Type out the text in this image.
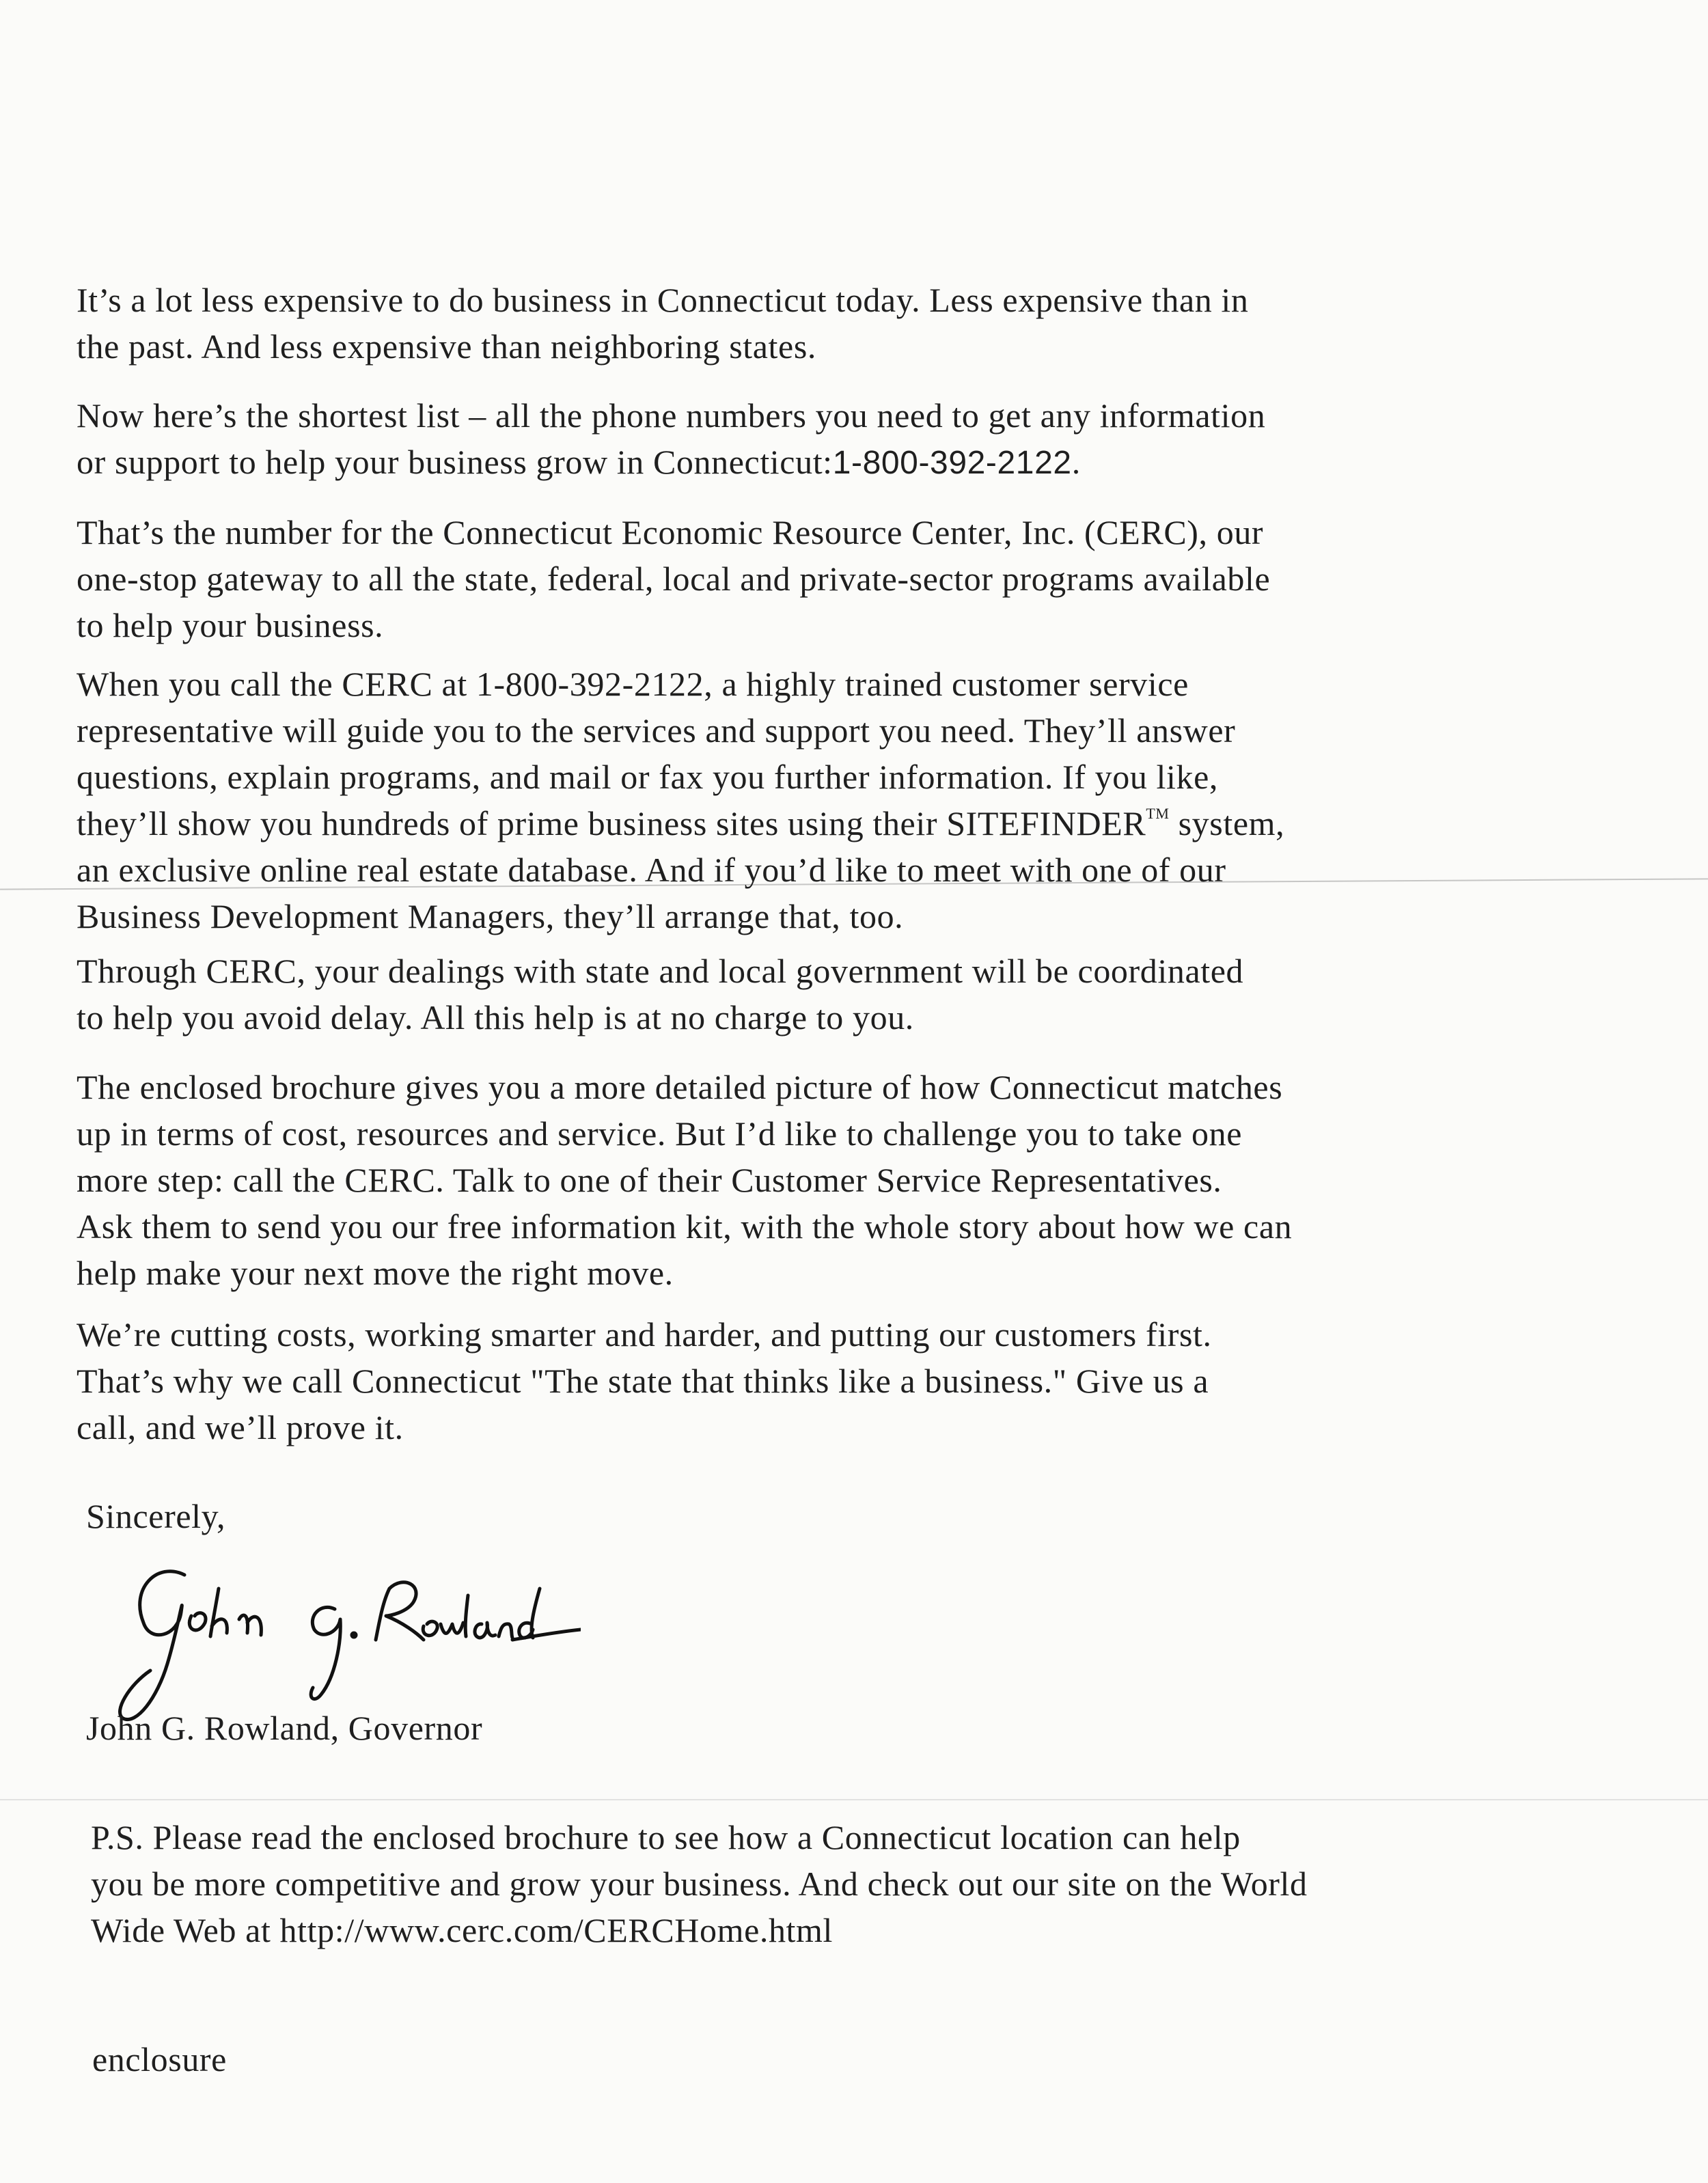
It’s a lot less expensive to do business in Connecticut today. Less expensive than in
the past. And less expensive than neighboring states.
Now here’s the shortest list – all the phone numbers you need to get any information
or support to help your business grow in Connecticut:1-800-392-2122.
That’s the number for the Connecticut Economic Resource Center, Inc. (CERC), our
one-stop gateway to all the state, federal, local and private-sector programs available
to help your business.
When you call the CERC at 1-800-392-2122, a highly trained customer service
representative will guide you to the services and support you need. They’ll answer
questions, explain programs, and mail or fax you further information. If you like,
they’ll show you hundreds of prime business sites using their SITEFINDER™ system,
an exclusive online real estate database. And if you’d like to meet with one of our
Business Development Managers, they’ll arrange that, too.
Through CERC, your dealings with state and local government will be coordinated
to help you avoid delay. All this help is at no charge to you.
The enclosed brochure gives you a more detailed picture of how Connecticut matches
up in terms of cost, resources and service. But I’d like to challenge you to take one
more step: call the CERC. Talk to one of their Customer Service Representatives.
Ask them to send you our free information kit, with the whole story about how we can
help make your next move the right move.
We’re cutting costs, working smarter and harder, and putting our customers first.
That’s why we call Connecticut "The state that thinks like a business." Give us a
call, and we’ll prove it.
Sincerely,
John G. Rowland, Governor
P.S. Please read the enclosed brochure to see how a Connecticut location can help
you be more competitive and grow your business. And check out our site on the World
Wide Web at http://www.cerc.com/CERCHome.html
enclosure
